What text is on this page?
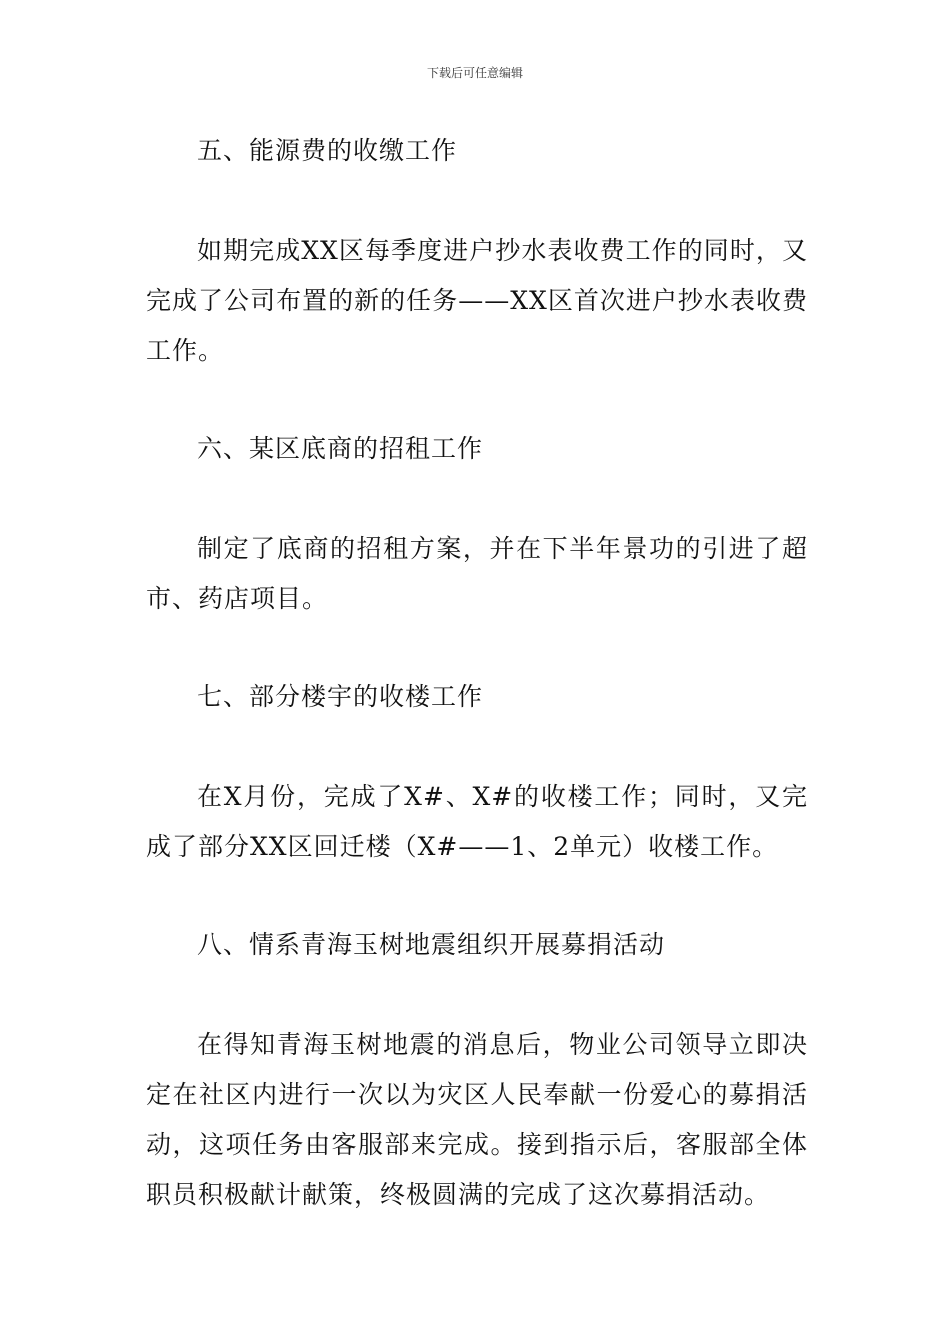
下载后可任意编辑
五、能源费的收缴工作

如期完成XX区每季度进户抄水表收费工作的同时，又完成了公司布置的新的任务——XX区首次进户抄水表收费工作。

六、某区底商的招租工作

制定了底商的招租方案，并在下半年景功的引进了超市、药店项目。

七、部分楼宇的收楼工作

在X月份，完成了X#、X#的收楼工作；同时，又完成了部分XX区回迁楼（X#——1、2单元）收楼工作。

八、情系青海玉树地震组织开展募捐活动

在得知青海玉树地震的消息后，物业公司领导立即决定在社区内进行一次以为灾区人民奉献一份爱心的募捐活动，这项任务由客服部来完成。接到指示后，客服部全体职员积极献计献策，终极圆满的完成了这次募捐活动。
